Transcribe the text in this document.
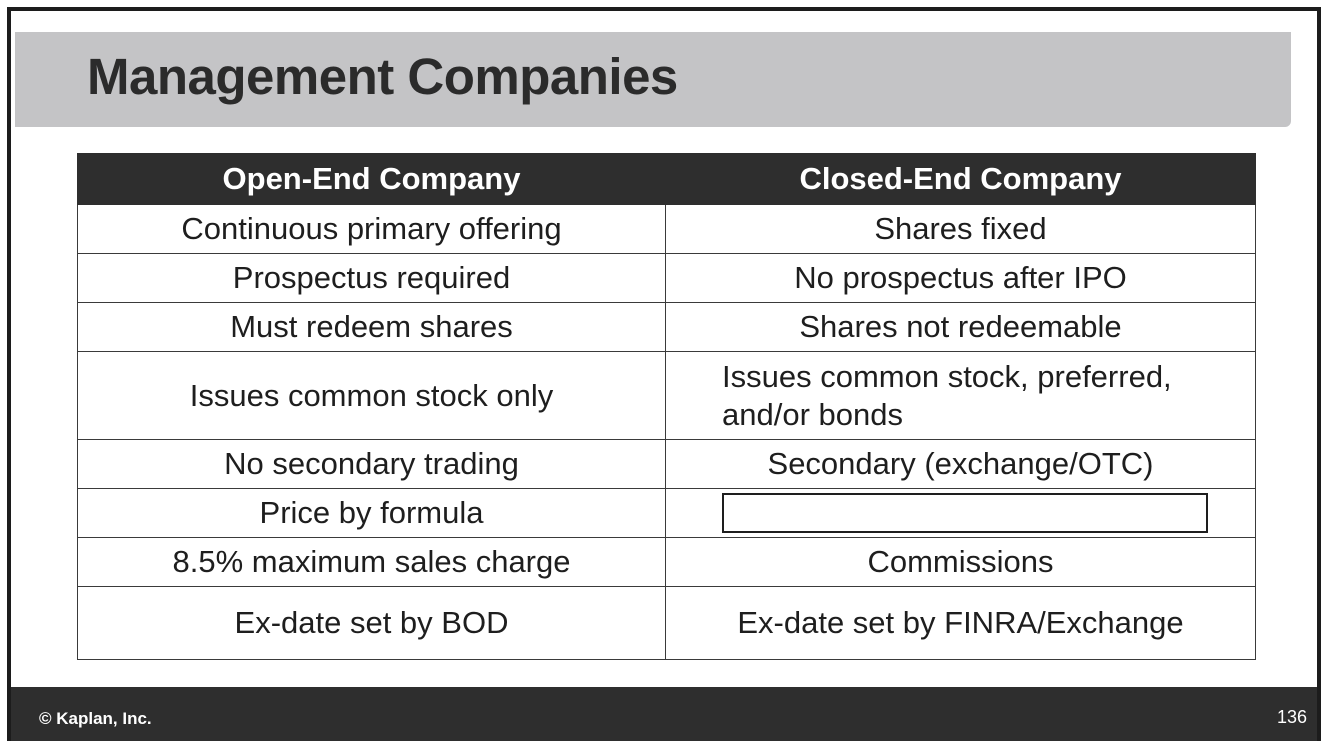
Management Companies
Open-End Company	Closed-End Company
Continuous primary offering	Shares fixed
Prospectus required	No prospectus after IPO
Must redeem shares	Shares not redeemable
Issues common stock only	Issues common stock, preferred, and/or bonds
No secondary trading	Secondary (exchange/OTC)
Price by formula	
8.5% maximum sales charge	Commissions
Ex-date set by BOD	Ex-date set by FINRA/Exchange
© Kaplan, Inc.	136
